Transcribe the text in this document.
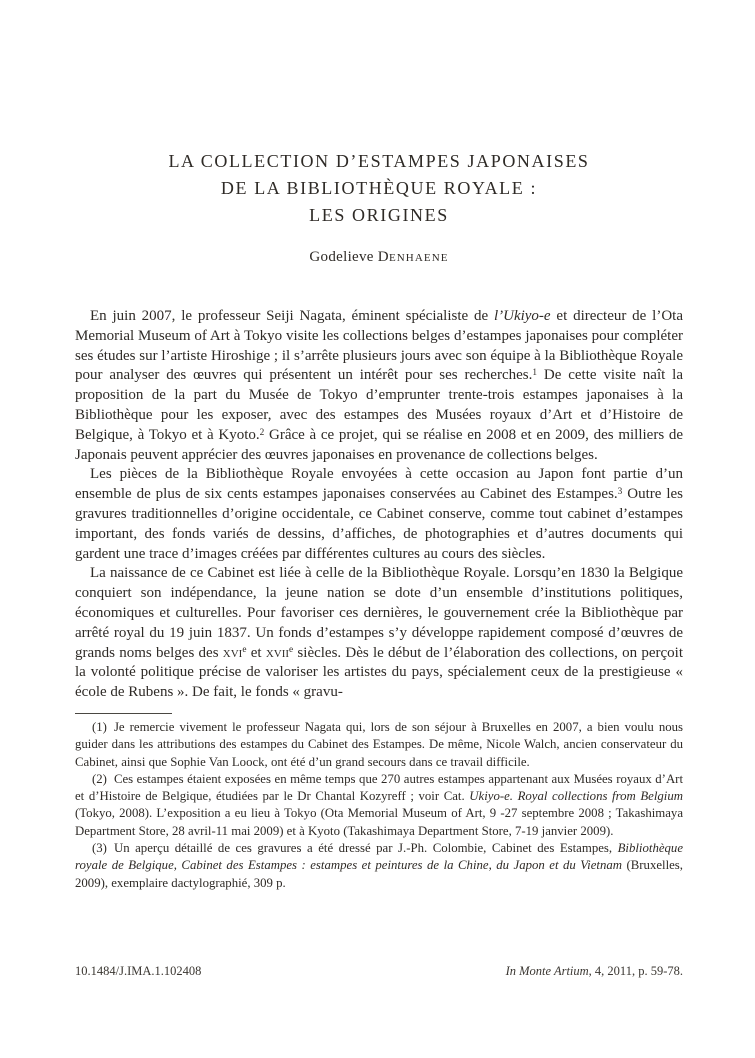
LA COLLECTION D’ESTAMPES JAPONAISES
DE LA BIBLIOTHÈQUE ROYALE :
LES ORIGINES
Godelieve Denhaene

En juin 2007, le professeur Seiji Nagata, éminent spécialiste de l’Ukiyo-e et directeur de l’Ota Memorial Museum of Art à Tokyo visite les collections belges d’estampes japonaises pour compléter ses études sur l’artiste Hiroshige ; il s’arrête plusieurs jours avec son équipe à la Bibliothèque Royale pour analyser des œuvres qui présentent un intérêt pour ses recherches.$^1$ De cette visite naît la proposition de la part du Musée de Tokyo d’emprunter trente-trois estampes japonaises à la Bibliothèque pour les exposer, avec des estampes des Musées royaux d’Art et d’Histoire de Belgique, à Tokyo et à Kyoto.$^2$ Grâce à ce projet, qui se réalise en 2008 et en 2009, des milliers de Japonais peuvent apprécier des œuvres japonaises en provenance de collections belges.

Les pièces de la Bibliothèque Royale envoyées à cette occasion au Japon font partie d’un ensemble de plus de six cents estampes japonaises conservées au Cabinet des Estampes.$^3$ Outre les gravures traditionnelles d’origine occidentale, ce Cabinet conserve, comme tout cabinet d’estampes important, des fonds variés de dessins, d’affiches, de photographies et d’autres documents qui gardent une trace d’images créées par différentes cultures au cours des siècles.

La naissance de ce Cabinet est liée à celle de la Bibliothèque Royale. Lorsqu’en 1830 la Belgique conquiert son indépendance, la jeune nation se dote d’un ensemble d’institutions politiques, économiques et culturelles. Pour favoriser ces dernières, le gouvernement crée la Bibliothèque par arrêté royal du 19 juin 1837. Un fonds d’estampes s’y développe rapidement composé d’œuvres de grands noms belges des xvi$^e$ et xvii$^e$ siècles. Dès le début de l’élaboration des collections, on perçoit la volonté politique précise de valoriser les artistes du pays, spécialement ceux de la prestigieuse « école de Rubens ». De fait, le fonds « gravu-

(1) Je remercie vivement le professeur Nagata qui, lors de son séjour à Bruxelles en 2007, a bien voulu nous guider dans les attributions des estampes du Cabinet des Estampes. De même, Nicole Walch, ancien conservateur du Cabinet, ainsi que Sophie Van Loock, ont été d’un grand secours dans ce travail difficile.

(2) Ces estampes étaient exposées en même temps que 270 autres estampes appartenant aux Musées royaux d’Art et d’Histoire de Belgique, étudiées par le Dr Chantal Kozyreff ; voir Cat. Ukiyo-e. Royal collections from Belgium (Tokyo, 2008). L’exposition a eu lieu à Tokyo (Ota Memorial Museum of Art, 9 -27 septembre 2008 ; Takashimaya Department Store, 28 avril-11 mai 2009) et à Kyoto (Takashimaya Department Store, 7-19 janvier 2009).

(3) Un aperçu détaillé de ces gravures a été dressé par J.-Ph. Colombie, Cabinet des Estampes, Bibliothèque royale de Belgique, Cabinet des Estampes : estampes et peintures de la Chine, du Japon et du Vietnam (Bruxelles, 2009), exemplaire dactylographié, 309 p.

10.1484/J.IMA.1.102408	In Monte Artium, 4, 2011, p. 59-78.
